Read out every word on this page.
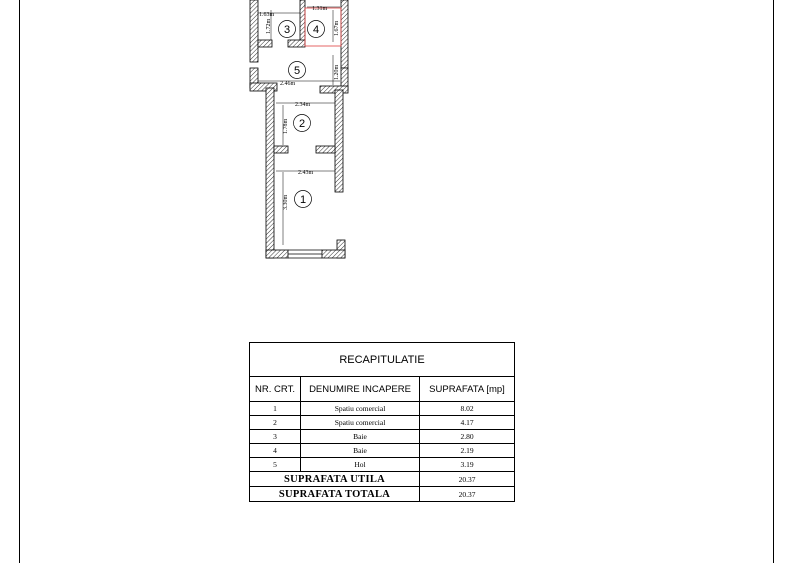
1.63m
1.72m
1.31m
1.67m
1.20m
2.46m
2.34m
1.78m
2.43m
3.30m
3 4
5
2
1
RECAPITULATIE		
NR. CRT.	DENUMIRE INCAPERE	SUPRAFATA [mp]
1	Spatiu comercial	8.02
2	Spatiu comercial	4.17
3	Baie	2.80
4	Baie	2.19
5	Hol	3.19
SUPRAFATA UTILA		20.37
SUPRAFATA TOTALA		20.37
